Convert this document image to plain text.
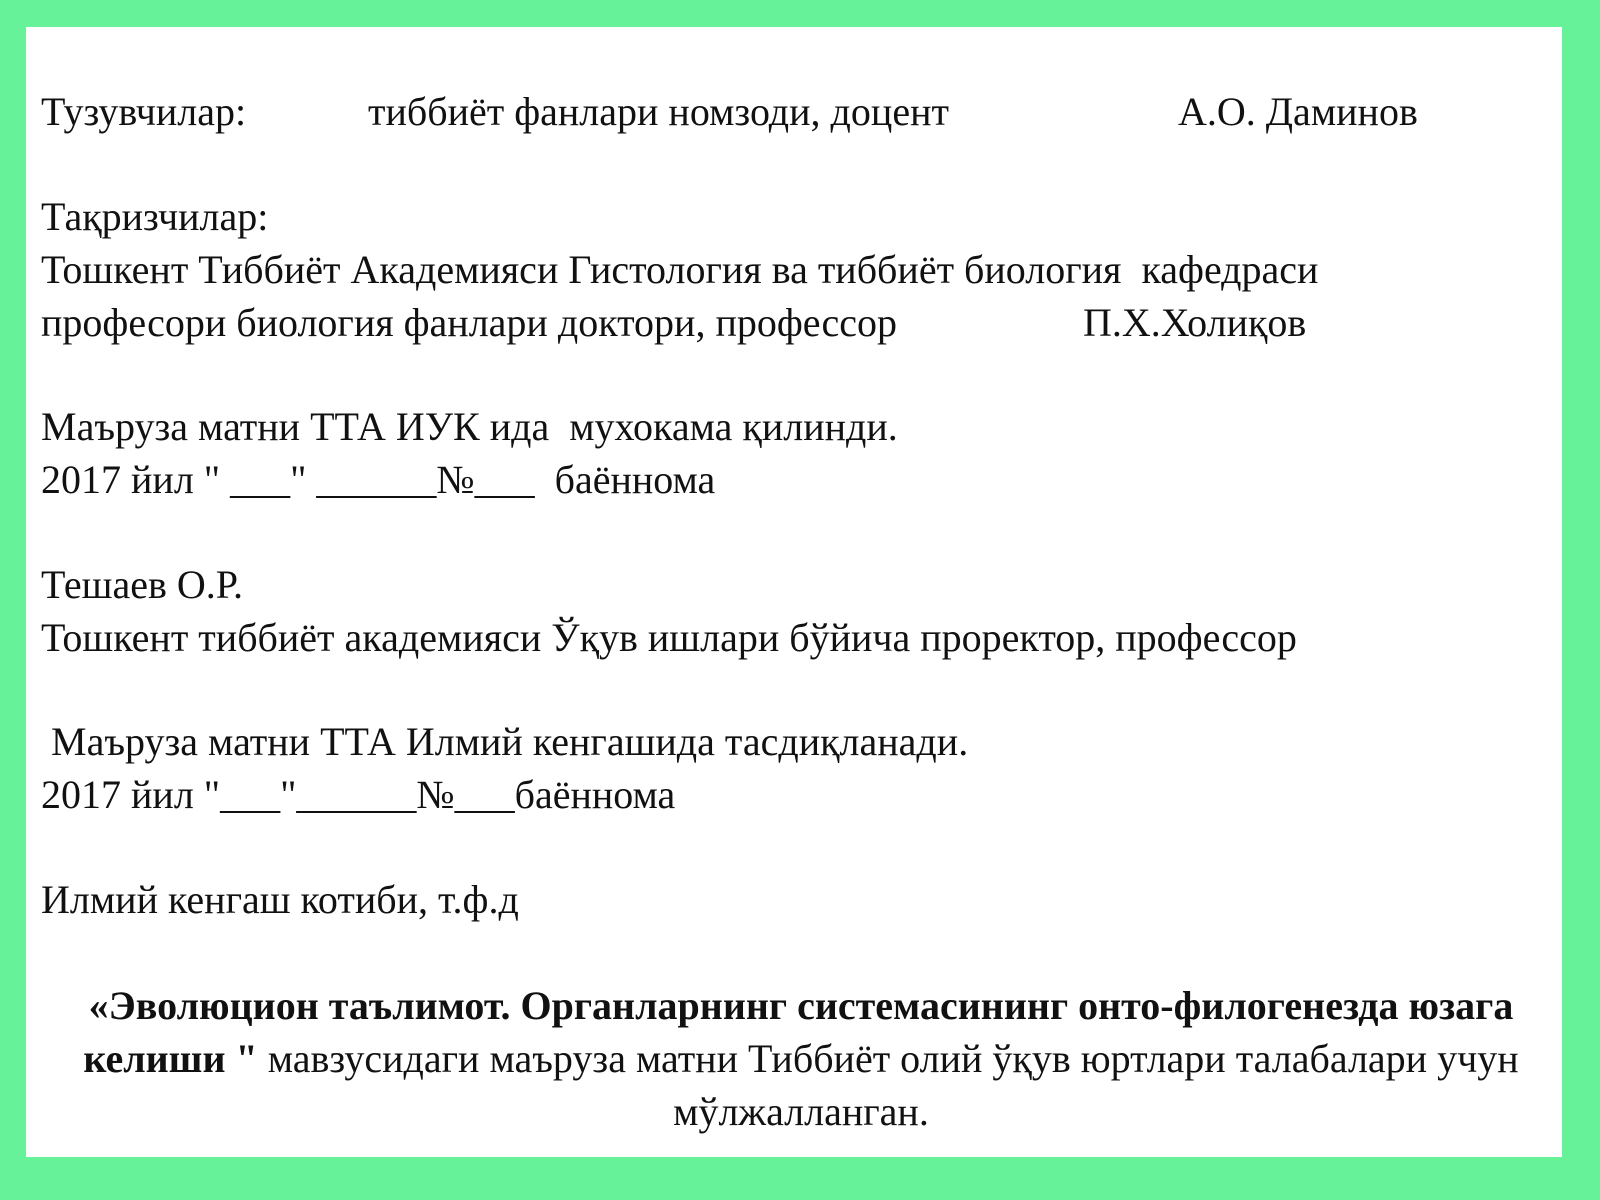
Тузувчилар:

	тиббиёт фанлари номзоди, доцент

	А.О. Даминов

Тақризчилар:

Тошкент Тиббиёт Академияси Гистология ва тиббиёт биология  кафедраси

професори биология фанлари доктори, профессор

	П.Х.Холиқов

Маъруза матни ТТА ИУК ида  мухокама қилинди.

2017 йил " ___" ______№___  баённома

Тешаев О.Р.

Тошкент тиббиёт академияси Ўқув ишлари бўйича проректор, профессор

Маъруза матни ТТА Илмий кенгашида тасдиқланади.

2017 йил "___"______№___баённома

Илмий кенгаш котиби, т.ф.д

«Эволюцион таълимот. Органларнинг системасининг онто-филогенезда юзага келиши " мавзусидаги маъруза матни Тиббиёт олий ўқув юртлари талабалари учун мўлжалланган.
